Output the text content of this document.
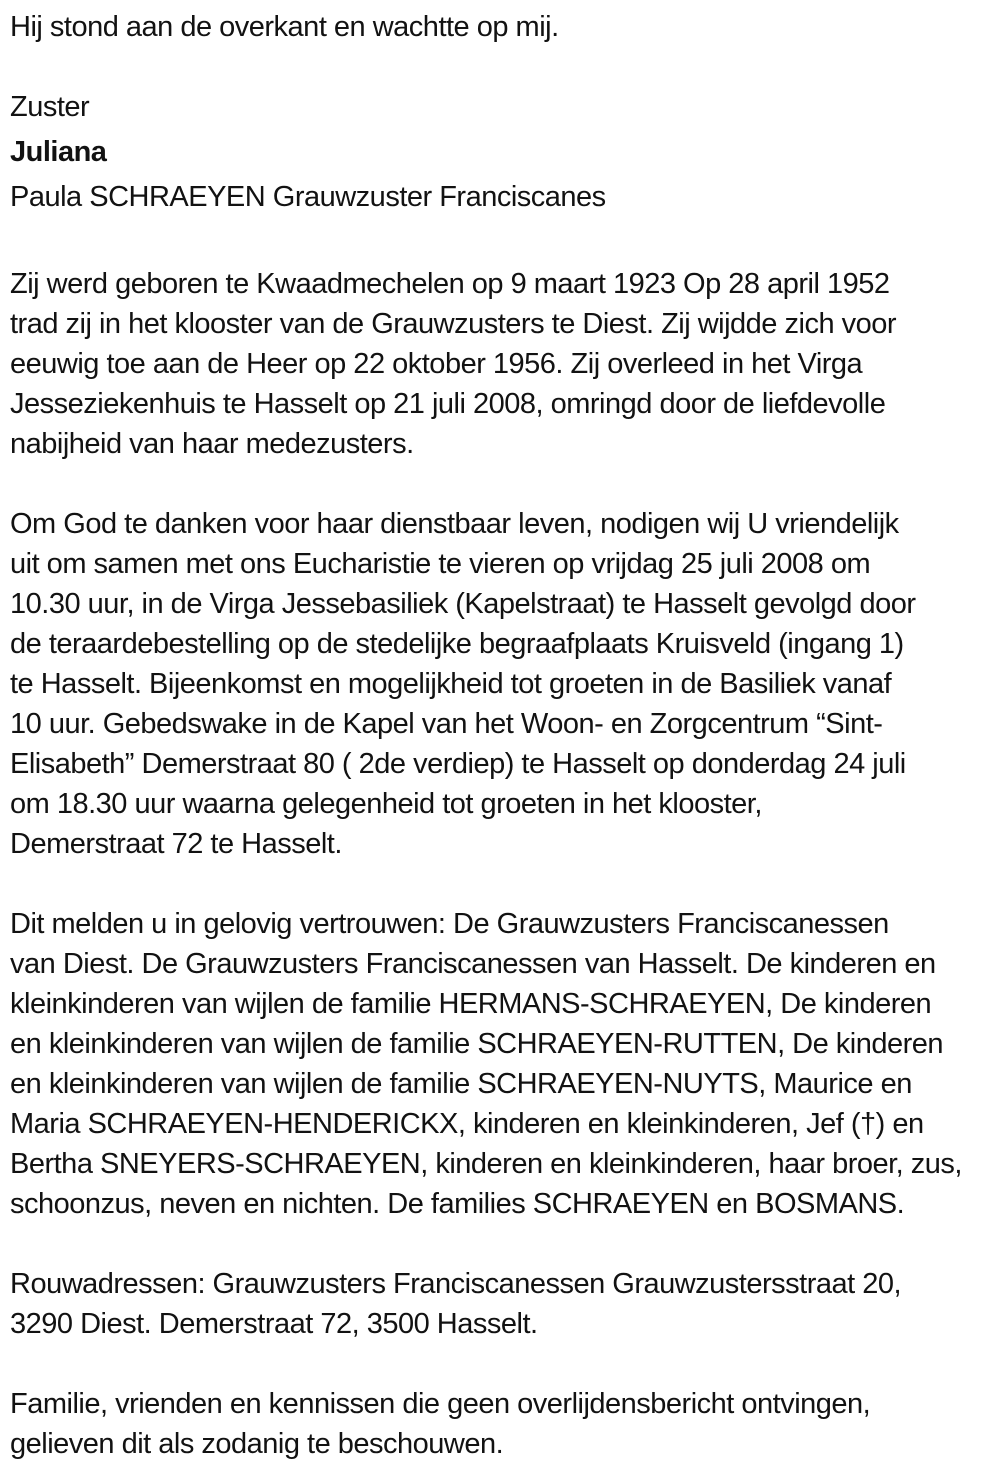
Hij stond aan de overkant en wachtte op mij.

Zuster

Juliana

Paula SCHRAEYEN Grauwzuster Franciscanes

Zij werd geboren te Kwaadmechelen op 9 maart 1923 Op 28 april 1952
trad zij in het klooster van de Grauwzusters te Diest. Zij wijdde zich voor
eeuwig toe aan de Heer op 22 oktober 1956. Zij overleed in het Virga
Jesseziekenhuis te Hasselt op 21 juli 2008, omringd door de liefdevolle
nabijheid van haar medezusters.

Om God te danken voor haar dienstbaar leven, nodigen wij U vriendelijk
uit om samen met ons Eucharistie te vieren op vrijdag 25 juli 2008 om
10.30 uur, in de Virga Jessebasiliek (Kapelstraat) te Hasselt gevolgd door
de teraardebestelling op de stedelijke begraafplaats Kruisveld (ingang 1)
te Hasselt. Bijeenkomst en mogelijkheid tot groeten in de Basiliek vanaf
10 uur. Gebedswake in de Kapel van het Woon- en Zorgcentrum “Sint-
Elisabeth” Demerstraat 80 ( 2de verdiep) te Hasselt op donderdag 24 juli
om 18.30 uur waarna gelegenheid tot groeten in het klooster,
Demerstraat 72 te Hasselt.

Dit melden u in gelovig vertrouwen: De Grauwzusters Franciscanessen
van Diest. De Grauwzusters Franciscanessen van Hasselt. De kinderen en
kleinkinderen van wijlen de familie HERMANS-SCHRAEYEN, De kinderen
en kleinkinderen van wijlen de familie SCHRAEYEN-RUTTEN, De kinderen
en kleinkinderen van wijlen de familie SCHRAEYEN-NUYTS, Maurice en
Maria SCHRAEYEN-HENDERICKX, kinderen en kleinkinderen, Jef (†) en
Bertha SNEYERS-SCHRAEYEN, kinderen en kleinkinderen, haar broer, zus,
schoonzus, neven en nichten. De families SCHRAEYEN en BOSMANS.

Rouwadressen: Grauwzusters Franciscanessen Grauwzustersstraat 20,
3290 Diest. Demerstraat 72, 3500 Hasselt.

Familie, vrienden en kennissen die geen overlijdensbericht ontvingen,
gelieven dit als zodanig te beschouwen.
